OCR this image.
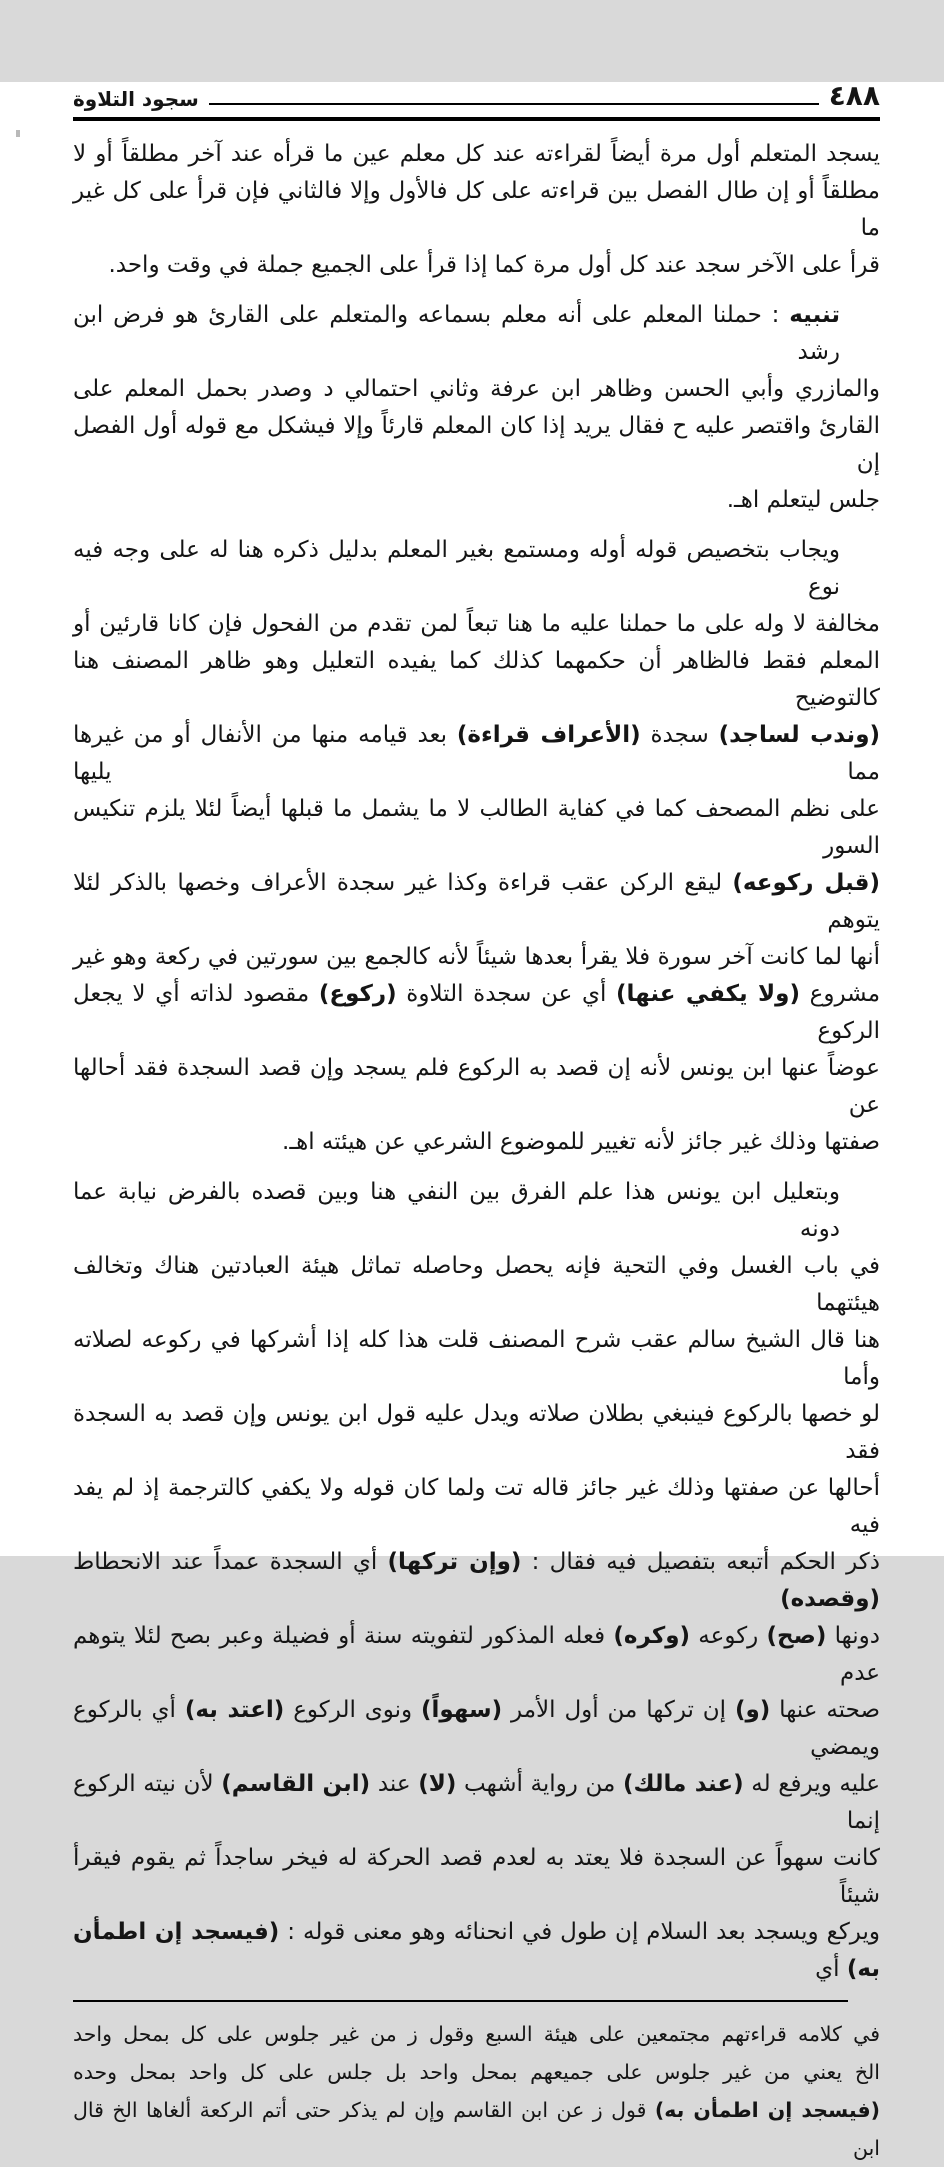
٤٨٨
سجود التلاوة
يسجد المتعلم أول مرة أيضاً لقراءته عند كل معلم عين ما قرأه عند آخر مطلقاً أو لا
مطلقاً أو إن طال الفصل بين قراءته على كل فالأول وإلا فالثاني فإن قرأ على كل غير ما
قرأ على الآخر سجد عند كل أول مرة كما إذا قرأ على الجميع جملة في وقت واحد.
تنبيه : حملنا المعلم على أنه معلم بسماعه والمتعلم على القارئ هو فرض ابن رشد
والمازري وأبي الحسن وظاهر ابن عرفة وثاني احتمالي د وصدر بحمل المعلم على
القارئ واقتصر عليه ح فقال يريد إذا كان المعلم قارئاً وإلا فيشكل مع قوله أول الفصل إن
جلس ليتعلم اهـ.
ويجاب بتخصيص قوله أوله ومستمع بغير المعلم بدليل ذكره هنا له على وجه فيه نوع
مخالفة لا وله على ما حملنا عليه ما هنا تبعاً لمن تقدم من الفحول فإن كانا قارئين أو
المعلم فقط فالظاهر أن حكمهما كذلك كما يفيده التعليل وهو ظاهر المصنف هنا كالتوضيح
(وندب لساجد) سجدة (الأعراف قراءة) بعد قيامه منها من الأنفال أو من غيرها مما يليها
على نظم المصحف كما في كفاية الطالب لا ما يشمل ما قبلها أيضاً لئلا يلزم تنكيس السور
(قبل ركوعه) ليقع الركن عقب قراءة وكذا غير سجدة الأعراف وخصها بالذكر لئلا يتوهم
أنها لما كانت آخر سورة فلا يقرأ بعدها شيئاً لأنه كالجمع بين سورتين في ركعة وهو غير
مشروع (ولا يكفي عنها) أي عن سجدة التلاوة (ركوع) مقصود لذاته أي لا يجعل الركوع
عوضاً عنها ابن يونس لأنه إن قصد به الركوع فلم يسجد وإن قصد السجدة فقد أحالها عن
صفتها وذلك غير جائز لأنه تغيير للموضوع الشرعي عن هيئته اهـ.
وبتعليل ابن يونس هذا علم الفرق بين النفي هنا وبين قصده بالفرض نيابة عما دونه
في باب الغسل وفي التحية فإنه يحصل وحاصله تماثل هيئة العبادتين هناك وتخالف هيئتهما
هنا قال الشيخ سالم عقب شرح المصنف قلت هذا كله إذا أشركها في ركوعه لصلاته وأما
لو خصها بالركوع فينبغي بطلان صلاته ويدل عليه قول ابن يونس وإن قصد به السجدة فقد
أحالها عن صفتها وذلك غير جائز قاله تت ولما كان قوله ولا يكفي كالترجمة إذ لم يفد فيه
ذكر الحكم أتبعه بتفصيل فيه فقال : (وإن تركها) أي السجدة عمداً عند الانحطاط (وقصده)
دونها (صح) ركوعه (وكره) فعله المذكور لتفويته سنة أو فضيلة وعبر بصح لئلا يتوهم عدم
صحته عنها (و) إن تركها من أول الأمر (سهواً) ونوى الركوع (اعتد به) أي بالركوع ويمضي
عليه ويرفع له (عند مالك) من رواية أشهب (لا) عند (ابن القاسم) لأن نيته الركوع إنما
كانت سهواً عن السجدة فلا يعتد به لعدم قصد الحركة له فيخر ساجداً ثم يقوم فيقرأ شيئاً
ويركع ويسجد بعد السلام إن طول في انحنائه وهو معنى قوله : (فيسجد إن اطمأن به) أي
في كلامه قراءتهم مجتمعين على هيئة السبع وقول ز من غير جلوس على كل بمحل واحد
الخ يعني من غير جلوس على جميعهم بمحل واحد بل جلس على كل واحد بمحل وحده
(فيسجد إن اطمأن به) قول ز عن ابن القاسم وإن لم يذكر حتى أتم الركعة ألغاها الخ قال ابن
